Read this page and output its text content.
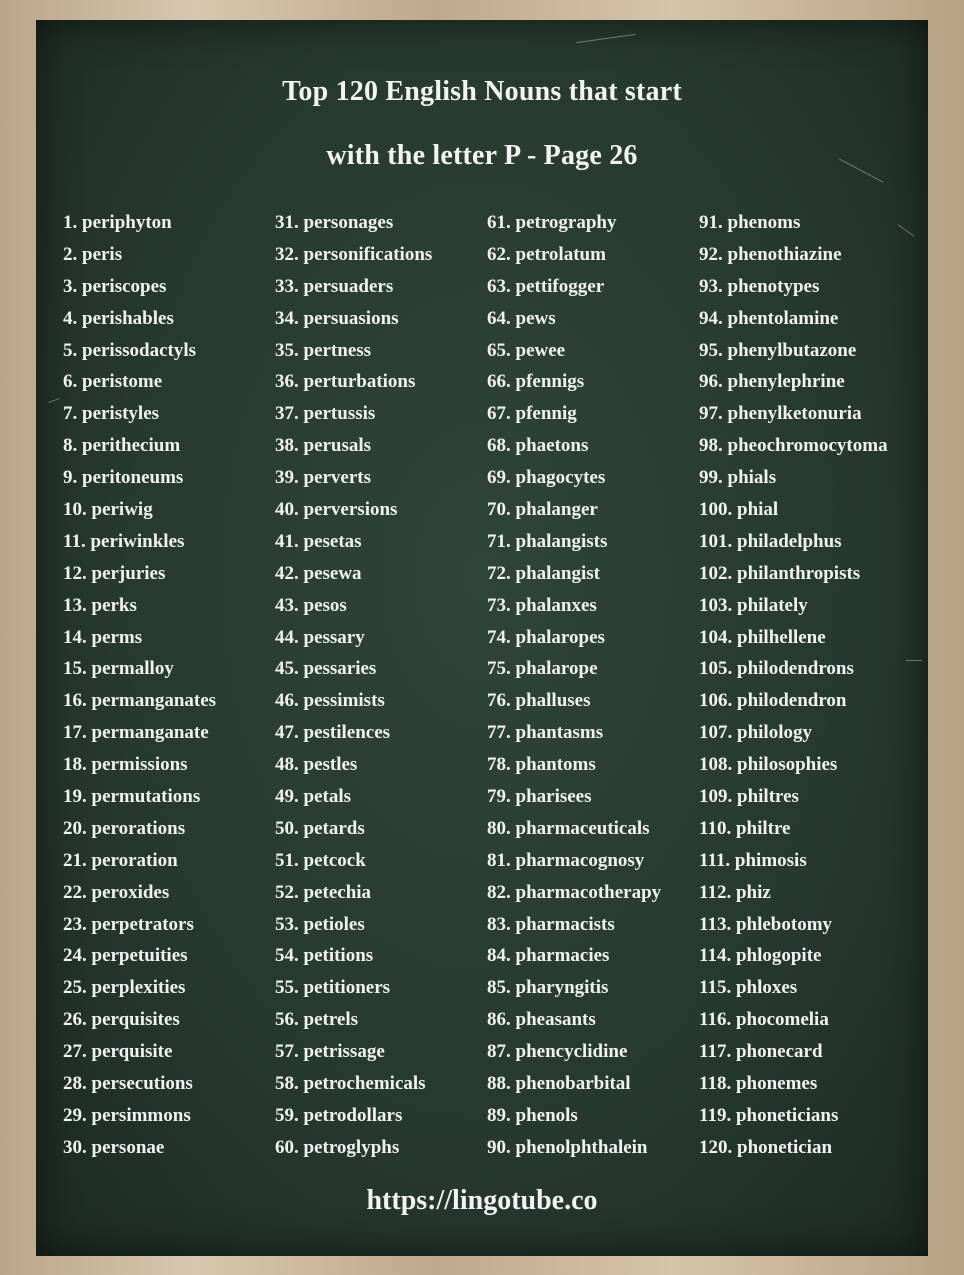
Top 120 English Nouns that start
with the letter P - Page 26
1. periphyton
2. peris
3. periscopes
4. perishables
5. perissodactyls
6. peristome
7. peristyles
8. perithecium
9. peritoneums
10. periwig
11. periwinkles
12. perjuries
13. perks
14. perms
15. permalloy
16. permanganates
17. permanganate
18. permissions
19. permutations
20. perorations
21. peroration
22. peroxides
23. perpetrators
24. perpetuities
25. perplexities
26. perquisites
27. perquisite
28. persecutions
29. persimmons
30. personae
31. personages
32. personifications
33. persuaders
34. persuasions
35. pertness
36. perturbations
37. pertussis
38. perusals
39. perverts
40. perversions
41. pesetas
42. pesewa
43. pesos
44. pessary
45. pessaries
46. pessimists
47. pestilences
48. pestles
49. petals
50. petards
51. petcock
52. petechia
53. petioles
54. petitions
55. petitioners
56. petrels
57. petrissage
58. petrochemicals
59. petrodollars
60. petroglyphs
61. petrography
62. petrolatum
63. pettifogger
64. pews
65. pewee
66. pfennigs
67. pfennig
68. phaetons
69. phagocytes
70. phalanger
71. phalangists
72. phalangist
73. phalanxes
74. phalaropes
75. phalarope
76. phalluses
77. phantasms
78. phantoms
79. pharisees
80. pharmaceuticals
81. pharmacognosy
82. pharmacotherapy
83. pharmacists
84. pharmacies
85. pharyngitis
86. pheasants
87. phencyclidine
88. phenobarbital
89. phenols
90. phenolphthalein
91. phenoms
92. phenothiazine
93. phenotypes
94. phentolamine
95. phenylbutazone
96. phenylephrine
97. phenylketonuria
98. pheochromocytoma
99. phials
100. phial
101. philadelphus
102. philanthropists
103. philately
104. philhellene
105. philodendrons
106. philodendron
107. philology
108. philosophies
109. philtres
110. philtre
111. phimosis
112. phiz
113. phlebotomy
114. phlogopite
115. phloxes
116. phocomelia
117. phonecard
118. phonemes
119. phoneticians
120. phonetician
https://lingotube.co
